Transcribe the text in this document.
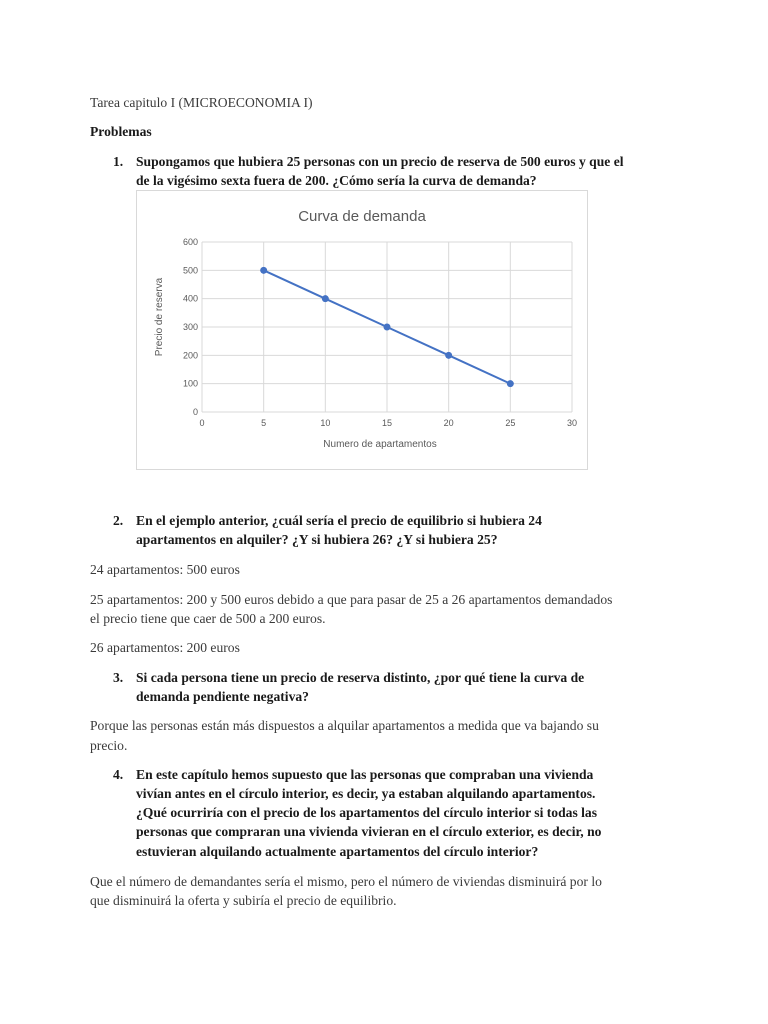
Tarea capitulo I (MICROECONOMIA I)
Problemas
1. Supongamos que hubiera 25 personas con un precio de reserva de 500 euros y que el
de la vigésimo sexta fuera de 200. ¿Cómo sería la curva de demanda?
Curva de demanda
0
100
200
300
400
500
600
0	5	10	15	20	25	30
Numero de apartamentos
Precio de reserva
2. En el ejemplo anterior, ¿cuál sería el precio de equilibrio si hubiera 24
apartamentos en alquiler? ¿Y si hubiera 26? ¿Y si hubiera 25?
24 apartamentos: 500 euros
25 apartamentos: 200 y 500 euros debido a que para pasar de 25 a 26 apartamentos demandados
el precio tiene que caer de 500 a 200 euros.
26 apartamentos: 200 euros
3. Si cada persona tiene un precio de reserva distinto, ¿por qué tiene la curva de
demanda pendiente negativa?
Porque las personas están más dispuestos a alquilar apartamentos a medida que va bajando su
precio.
4. En este capítulo hemos supuesto que las personas que compraban una vivienda
vivían antes en el círculo interior, es decir, ya estaban alquilando apartamentos.
¿Qué ocurriría con el precio de los apartamentos del círculo interior si todas las
personas que compraran una vivienda vivieran en el círculo exterior, es decir, no
estuvieran alquilando actualmente apartamentos del círculo interior?
Que el número de demandantes sería el mismo, pero el número de viviendas disminuirá por lo
que disminuirá la oferta y subiría el precio de equilibrio.
